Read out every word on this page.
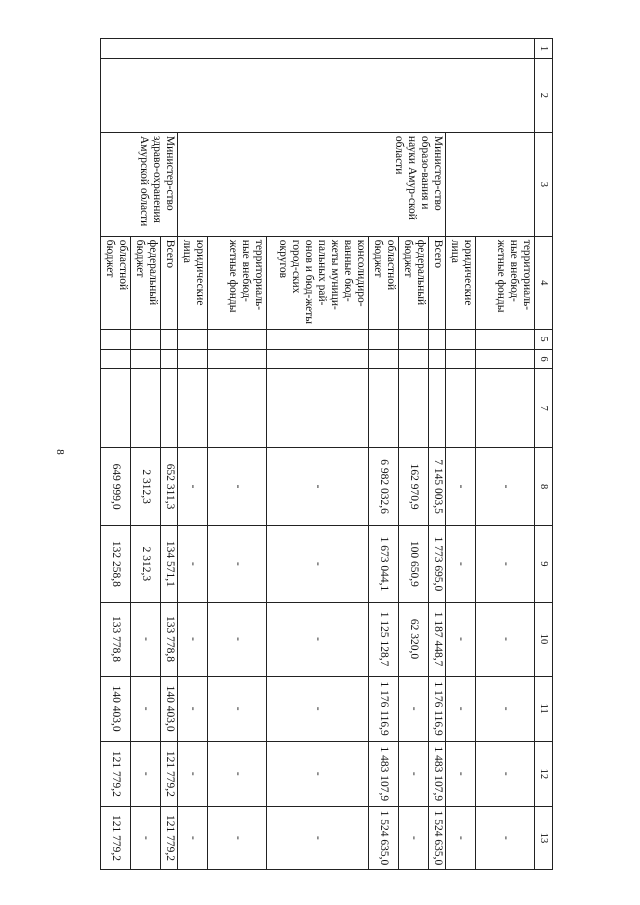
8
1	2	3	4	5	6	7	8	9	10	11	12	13
			территориаль-ные внебюд-жетные фонды				-	-	-	-	-	-
			юридические лица				-	-	-	-	-	-
		Министер-ство образо-вания и науки Амур-ской области	Всего				7 145 003,5	1 773 695,0	1 187 448,7	1 176 116,9	1 483 107,9	1 524 635,0
			федеральный бюджет				162 970,9	100 650,9	62 320,0	-	-	-
			областной бюджет				6 982 032,6	1 673 044,1	1 125 128,7	1 176 116,9	1 483 107,9	1 524 635,0
			консолидиро-ванные бюд-жеты муници-пальных рай-онов и бюд-жеты город-ских округов				-	-	-	-	-	-
			территориаль-ные внебюд-жетные фонды				-	-	-	-	-	-
			юридические лица				-	-	-	-	-	-
		Министер-ство здраво-охранения Амурской области	Всего				652 311,3	134 571,1	133 778,8	140 403,0	121 779,2	121 779,2
			федеральный бюджет				2 312,3	2 312,3	-	-	-	-
			областной бюджет				649 999,0	132 258,8	133 778,8	140 403,0	121 779,2	121 779,2
